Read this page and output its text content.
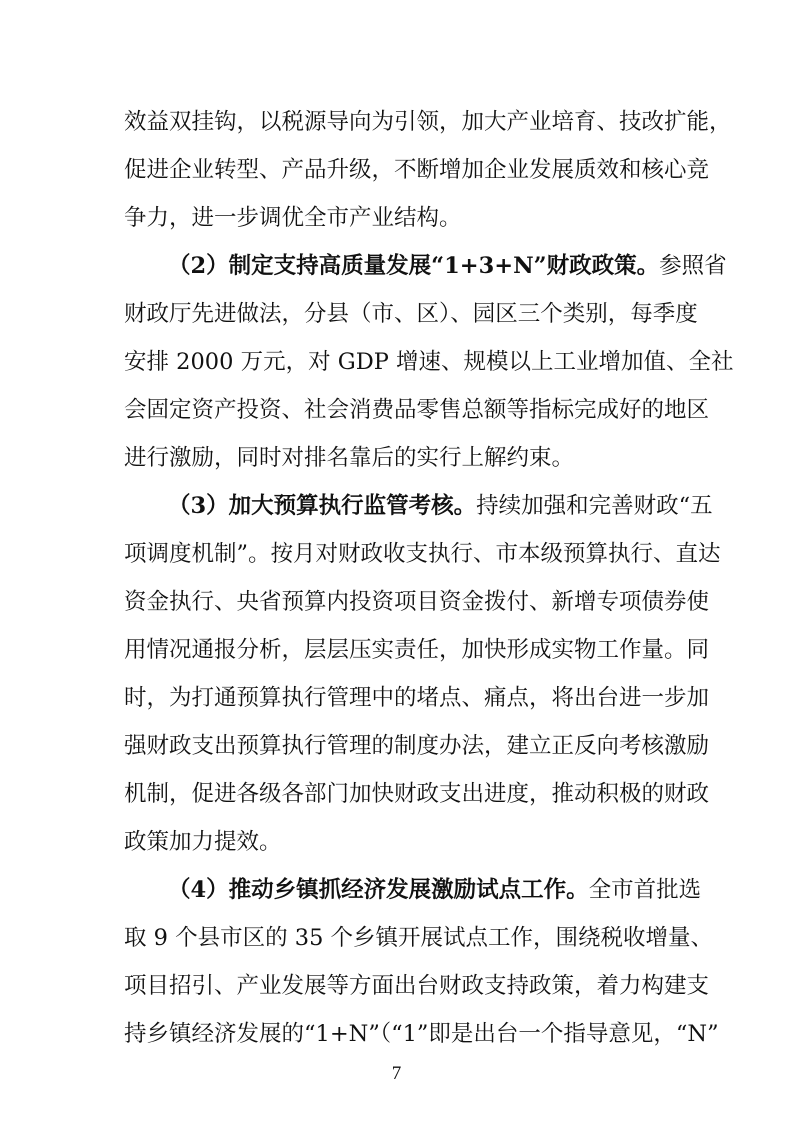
效益双挂钩，以税源导向为引领，加大产业培育、技改扩能，
促进企业转型、产品升级，不断增加企业发展质效和核心竞
争力，进一步调优全市产业结构。
（2）制定支持高质量发展“1+3+N”财政政策。参照省
财政厅先进做法，分县（市、区）、园区三个类别，每季度
安排 2000 万元，对 GDP 增速、规模以上工业增加值、全社
会固定资产投资、社会消费品零售总额等指标完成好的地区
进行激励，同时对排名靠后的实行上解约束。
（3）加大预算执行监管考核。持续加强和完善财政“五
项调度机制”。按月对财政收支执行、市本级预算执行、直达
资金执行、央省预算内投资项目资金拨付、新增专项债券使
用情况通报分析，层层压实责任，加快形成实物工作量。同
时，为打通预算执行管理中的堵点、痛点，将出台进一步加
强财政支出预算执行管理的制度办法，建立正反向考核激励
机制，促进各级各部门加快财政支出进度，推动积极的财政
政策加力提效。
（4）推动乡镇抓经济发展激励试点工作。全市首批选
取 9 个县市区的 35 个乡镇开展试点工作，围绕税收增量、
项目招引、产业发展等方面出台财政支持政策，着力构建支
持乡镇经济发展的“1+N”（“1”即是出台一个指导意见，“N”
7
